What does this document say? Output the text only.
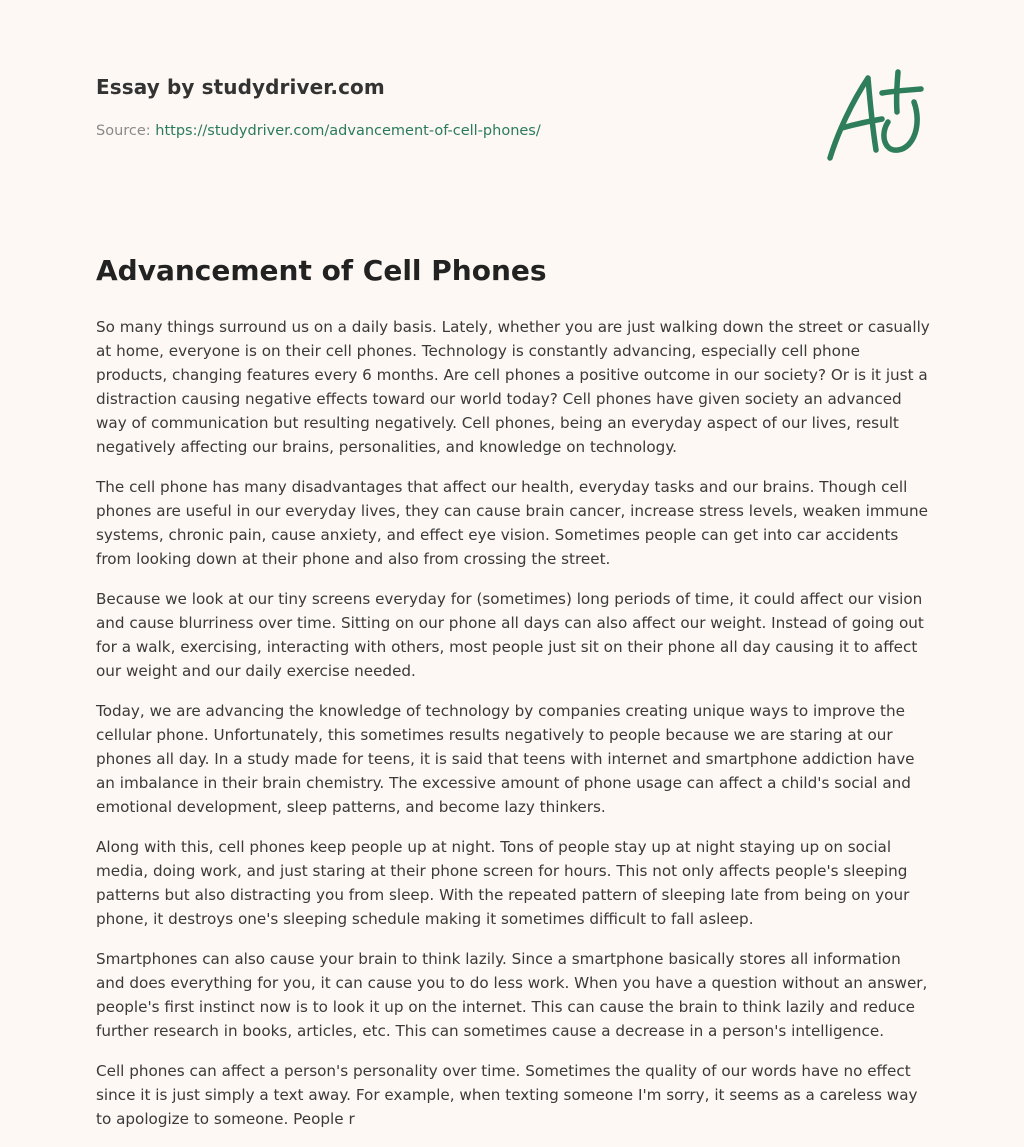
Essay by studydriver.com
Source: https://studydriver.com/advancement-of-cell-phones/
Advancement of Cell Phones

So many things surround us on a daily basis. Lately, whether you are just walking down the street or casually at home, everyone is on their cell phones. Technology is constantly advancing, especially cell phone products, changing features every 6 months. Are cell phones a positive outcome in our society? Or is it just a distraction causing negative effects toward our world today? Cell phones have given society an advanced way of communication but resulting negatively. Cell phones, being an everyday aspect of our lives, result negatively affecting our brains, personalities, and knowledge on technology.

The cell phone has many disadvantages that affect our health, everyday tasks and our brains. Though cell phones are useful in our everyday lives, they can cause brain cancer, increase stress levels, weaken immune systems, chronic pain, cause anxiety, and effect eye vision. Sometimes people can get into car accidents from looking down at their phone and also from crossing the street.

Because we look at our tiny screens everyday for (sometimes) long periods of time, it could affect our vision and cause blurriness over time. Sitting on our phone all days can also affect our weight. Instead of going out for a walk, exercising, interacting with others, most people just sit on their phone all day causing it to affect our weight and our daily exercise needed.

Today, we are advancing the knowledge of technology by companies creating unique ways to improve the cellular phone. Unfortunately, this sometimes results negatively to people because we are staring at our phones all day. In a study made for teens, it is said that teens with internet and smartphone addiction have an imbalance in their brain chemistry. The excessive amount of phone usage can affect a child's social and emotional development, sleep patterns, and become lazy thinkers.

Along with this, cell phones keep people up at night. Tons of people stay up at night staying up on social media, doing work, and just staring at their phone screen for hours. This not only affects people's sleeping patterns but also distracting you from sleep. With the repeated pattern of sleeping late from being on your phone, it destroys one's sleeping schedule making it sometimes difficult to fall asleep.

Smartphones can also cause your brain to think lazily. Since a smartphone basically stores all information and does everything for you, it can cause you to do less work. When you have a question without an answer, people's first instinct now is to look it up on the internet. This can cause the brain to think lazily and reduce further research in books, articles, etc. This can sometimes cause a decrease in a person's intelligence.

Cell phones can affect a person's personality over time. Sometimes the quality of our words have no effect since it is just simply a text away. For example, when texting someone I'm sorry, it seems as a careless way to apologize to someone. People r
